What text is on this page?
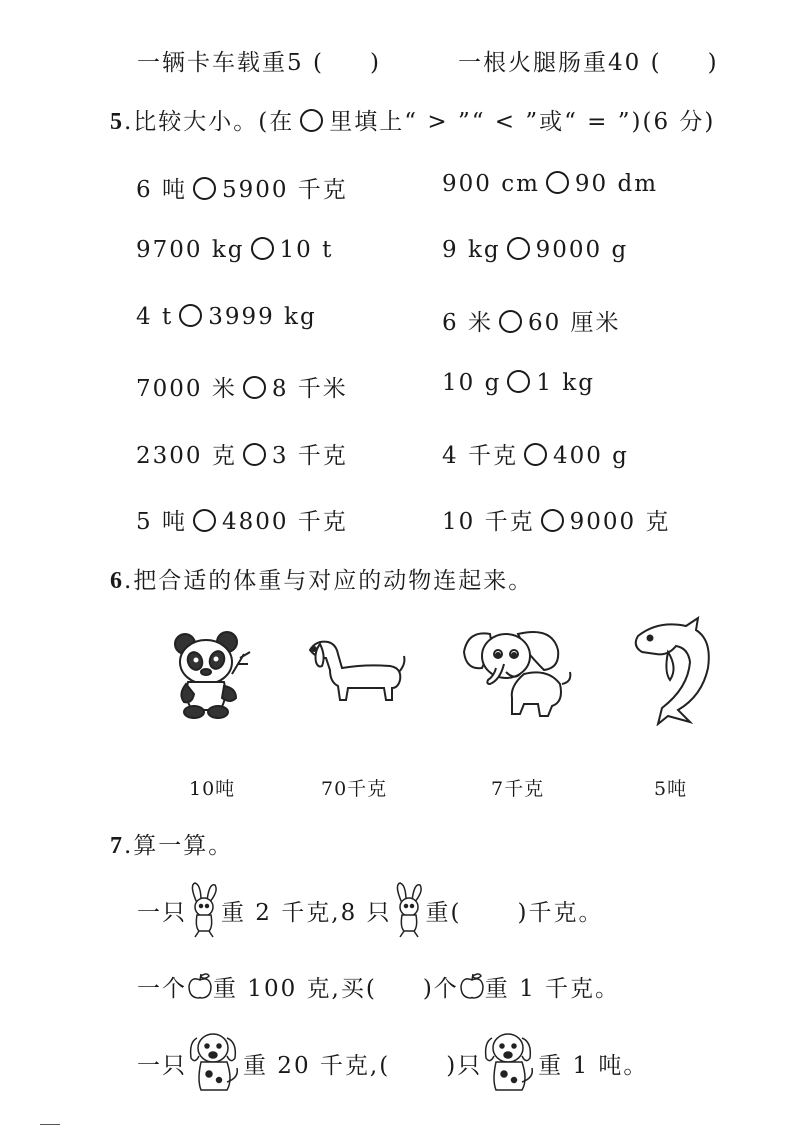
一辆卡车载重5 ( )	一根火腿肠重40 ( )
5.比较大小。(在 里填上“ > ”“ < ”或“ = ”)(6 分)
6 吨 5900 千克	900 cm 90 dm
9700 kg 10 t	9 kg 9000 g
4 t 3999 kg	6 米 60 厘米
7000 米 8 千米	10 g 1 kg
2300 克 3 千克	4 千克 400 g
5 吨 4800 千克	10 千克 9000 克
6.把合适的体重与对应的动物连起来。
10吨	70千克	7千克	5吨
7.算一算。
一只 重 2 千克,8 只 重( )千克。
一个 重 100 克,买( )个 重 1 千克。
一只 重 20 千克,( )只 重 1 吨。
